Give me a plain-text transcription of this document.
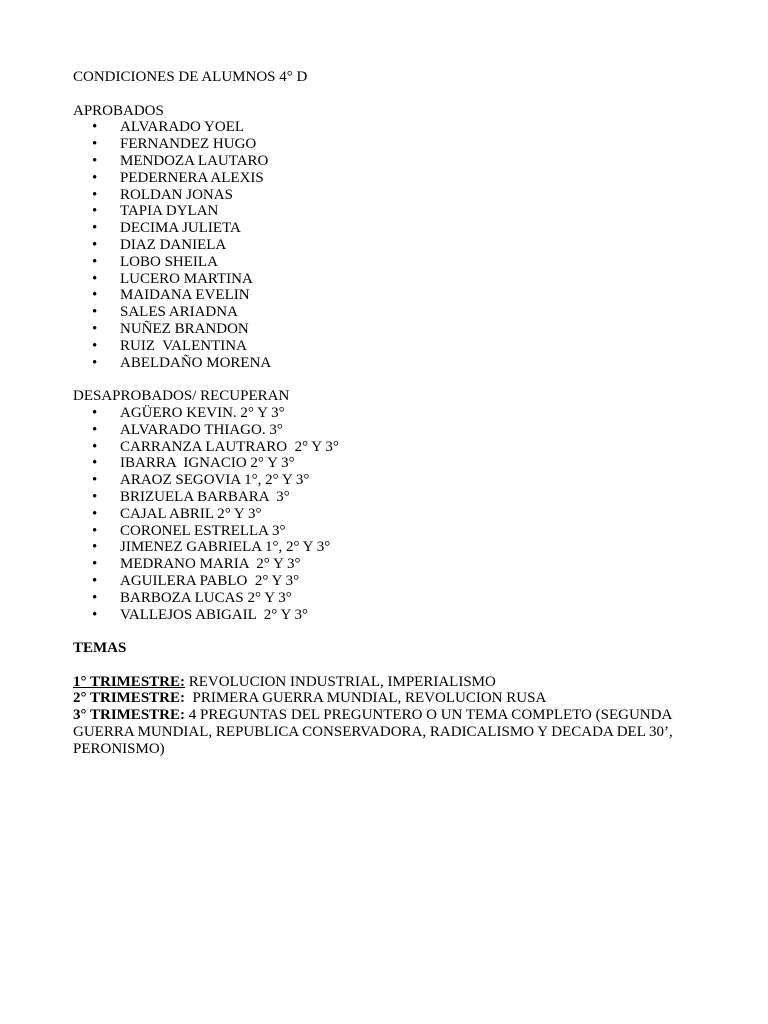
CONDICIONES DE ALUMNOS 4° D

APROBADOS

• ALVARADO YOEL
• FERNANDEZ HUGO
• MENDOZA LAUTARO
• PEDERNERA ALEXIS
• ROLDAN JONAS
• TAPIA DYLAN
• DECIMA JULIETA
• DIAZ DANIELA
• LOBO SHEILA
• LUCERO MARTINA
• MAIDANA EVELIN
• SALES ARIADNA
• NUÑEZ BRANDON
• RUIZ  VALENTINA
• ABELDAÑO MORENA

DESAPROBADOS/ RECUPERAN

• AGÜERO KEVIN. 2° Y 3°
• ALVARADO THIAGO. 3°
• CARRANZA LAUTRARO  2° Y 3°
• IBARRA  IGNACIO 2° Y 3°
• ARAOZ SEGOVIA 1°, 2° Y 3°
• BRIZUELA BARBARA  3°
• CAJAL ABRIL 2° Y 3°
• CORONEL ESTRELLA 3°
• JIMENEZ GABRIELA 1°, 2° Y 3°
• MEDRANO MARIA  2° Y 3°
• AGUILERA PABLO  2° Y 3°
• BARBOZA LUCAS 2° Y 3°
• VALLEJOS ABIGAIL  2° Y 3°

TEMAS

1° TRIMESTRE: REVOLUCION INDUSTRIAL, IMPERIALISMO

2° TRIMESTRE:  PRIMERA GUERRA MUNDIAL, REVOLUCION RUSA

3° TRIMESTRE: 4 PREGUNTAS DEL PREGUNTERO O UN TEMA COMPLETO (SEGUNDA GUERRA MUNDIAL, REPUBLICA CONSERVADORA, RADICALISMO Y DECADA DEL 30’, PERONISMO)
